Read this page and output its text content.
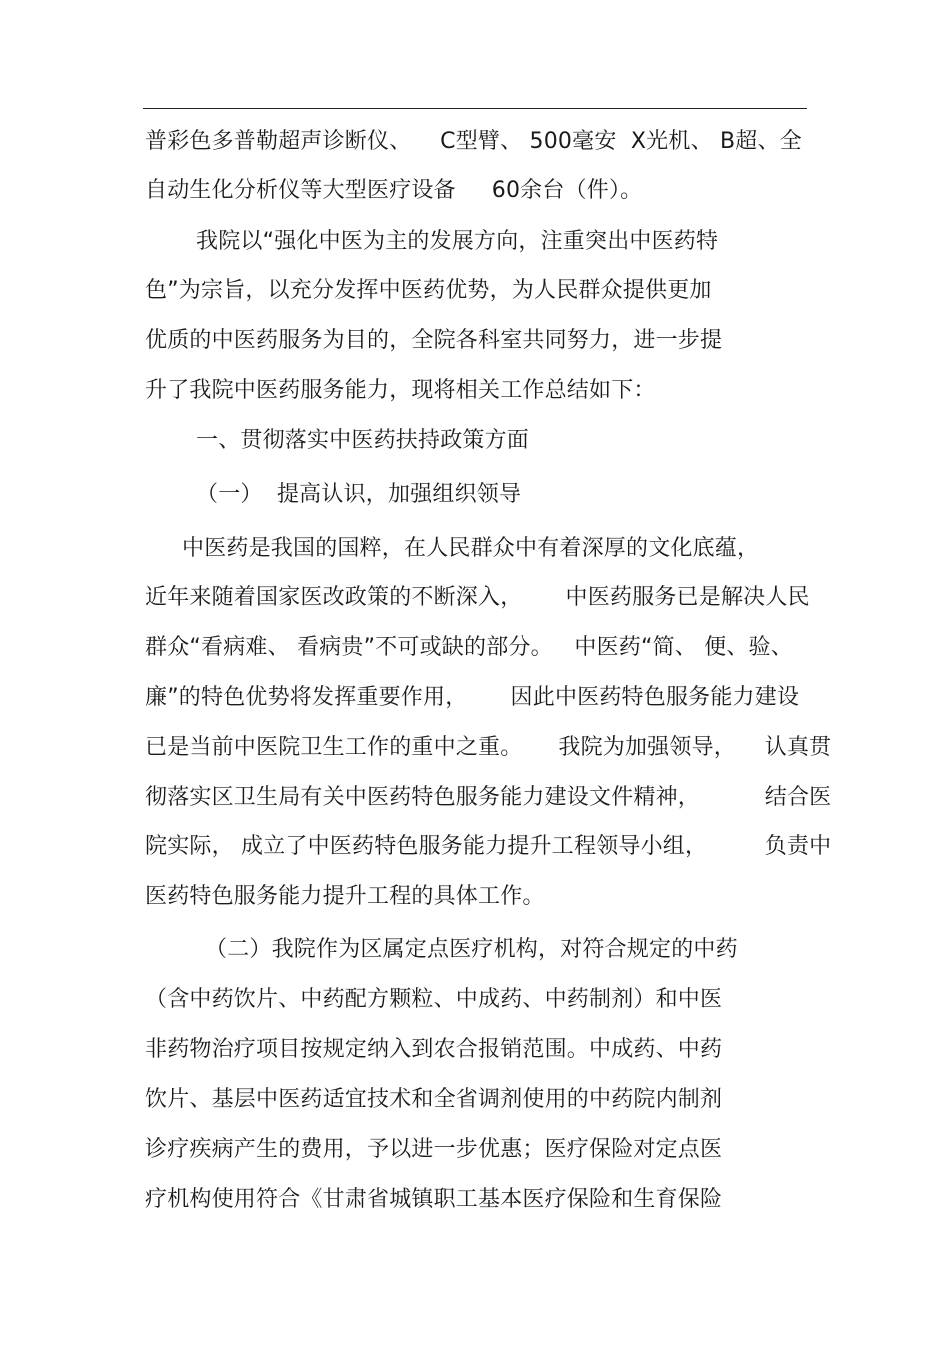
普彩色多普勒超声诊断仪、    C型臂、 500毫安  X光机、 B超、全
自动生化分析仪等大型医疗设备     60余台（件）。
我院以“强化中医为主的发展方向，注重突出中医药特
色”为宗旨，以充分发挥中医药优势，为人民群众提供更加
优质的中医药服务为目的，全院各科室共同努力，进一步提
升了我院中医药服务能力，现将相关工作总结如下：
一、贯彻落实中医药扶持政策方面
（一）  提高认识，加强组织领导
中医药是我国的国粹，在人民群众中有着深厚的文化底蕴，
近年来随着国家医改政策的不断深入，      中医药服务已是解决人民
群众“看病难、 看病贵”不可或缺的部分。   中医药“简、 便、验、
廉”的特色优势将发挥重要作用，      因此中医药特色服务能力建设
已是当前中医院卫生工作的重中之重。     我院为加强领导，    认真贯
彻落实区卫生局有关中医药特色服务能力建设文件精神，         结合医
院实际， 成立了中医药特色服务能力提升工程领导小组，        负责中
医药特色服务能力提升工程的具体工作。
（二）我院作为区属定点医疗机构，对符合规定的中药
（含中药饮片、中药配方颗粒、中成药、中药制剂）和中医
非药物治疗项目按规定纳入到农合报销范围。中成药、中药
饮片、基层中医药适宜技术和全省调剂使用的中药院内制剂
诊疗疾病产生的费用，予以进一步优惠；医疗保险对定点医
疗机构使用符合《甘肃省城镇职工基本医疗保险和生育保险
